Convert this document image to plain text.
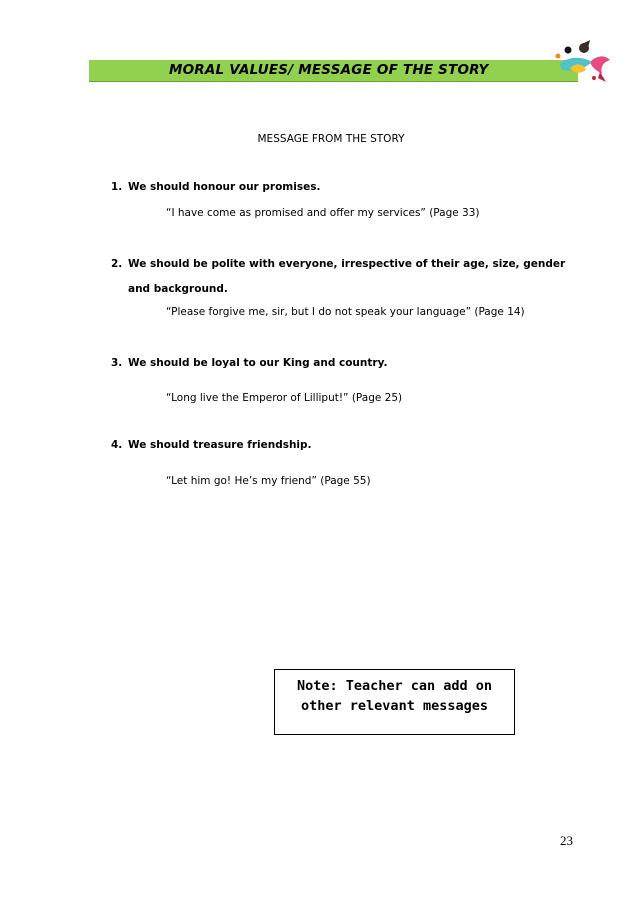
MORAL VALUES/ MESSAGE OF THE STORY
MESSAGE FROM THE STORY
1. We should honour our promises.
“I have come as promised and offer my services” (Page 33)
2. We should be polite with everyone, irrespective of their age, size, gender
and background.
“Please forgive me, sir, but I do not speak your language” (Page 14)
3. We should be loyal to our King and country.
“Long live the Emperor of Lilliput!” (Page 25)
4. We should treasure friendship.
“Let him go! He’s my friend” (Page 55)
Note: Teacher can add on
other relevant messages
23
